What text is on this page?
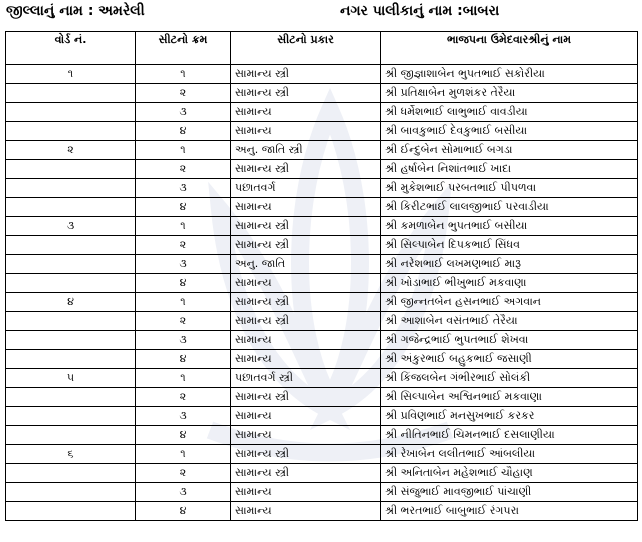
જીલ્લાનું નામ : અમરેલી	નગર પાલીકાનું નામ :બાબરા
વોર્ડ નં.	સીટનો ક્રમ	સીટનો પ્રકાર	ભાજપના ઉમેદવારશ્રીનું નામ
૧	૧	સામાન્ય સ્ત્રી	શ્રી જીજ્ઞાશાબેન ભુપતભાઈ સકોરીયા
	૨	સામાન્ય સ્ત્રી	શ્રી પ્રતિક્ષાબેન મુળશંકર તેરૈયા
	૩	સામાન્ય	શ્રી ધર્મેશભાઈ લાભુભાઈ વાવડીયા
	૪	સામાન્ય	શ્રી બાવકુભાઈ દેવકુભાઈ બસીયા
૨	૧	અનુ. જાતિ સ્ત્રી	શ્રી ઈન્દુબેન સોમાભાઈ બગડા
	૨	સામાન્ય સ્ત્રી	શ્રી હર્ષાબેન નિશાંતભાઈ ખાદા
	૩	પછાતવર્ગ	શ્રી મુકેશભાઈ પરબતભાઈ પીપળવા
	૪	સામાન્ય	શ્રી કિરીટભાઈ લાલજીભાઈ પરવાડીયા
૩	૧	સામાન્ય સ્ત્રી	શ્રી કમળાબેન ભુપતભાઈ બસીયા
	૨	સામાન્ય સ્ત્રી	શ્રી સિલ્પાબેન દિપકભાઈ સિંધવ
	૩	અનુ. જાતિ	શ્રી નરેશભાઈ લખમણભાઈ મારૂ
	૪	સામાન્ય	શ્રી ખોડાભાઈ ભીખુભાઈ મકવાણા
૪	૧	સામાન્ય સ્ત્રી	શ્રી જીન્નતબેન હસનભાઈ અગવાન
	૨	સામાન્ય સ્ત્રી	શ્રી આશાબેન વસંતભાઈ તેરૈયા
	૩	સામાન્ય	શ્રી ગજેન્દ્રભાઈ ભુપતભાઈ શેખવા
	૪	સામાન્ય	શ્રી અંકુરભાઈ બહુકભાઈ જસાણી
૫	૧	પછાતવર્ગ સ્ત્રી	શ્રી કિંજલબેન ગંભીરભાઈ સોલંકી
	૨	સામાન્ય સ્ત્રી	શ્રી સિલ્પાબેન અશ્વિનભાઈ મકવાણા
	૩	સામાન્ય	શ્રી પ્રવિણભાઈ મનસુખભાઈ કરકર
	૪	સામાન્ય	શ્રી નીતિનભાઈ ચિમનભાઈ દસલાણીયા
૬	૧	સામાન્ય સ્ત્રી	શ્રી રેખાબેન લલીતભાઈ આંબલીયા
	૨	સામાન્ય સ્ત્રી	શ્રી અનિતાબેન મહેશભાઈ ચૌહાણ
	૩	સામાન્ય	શ્રી સંજુભાઈ માવજીભાઈ પાંચાણી
	૪	સામાન્ય	શ્રી ભરતભાઈ બાબુભાઈ રંગપરા
